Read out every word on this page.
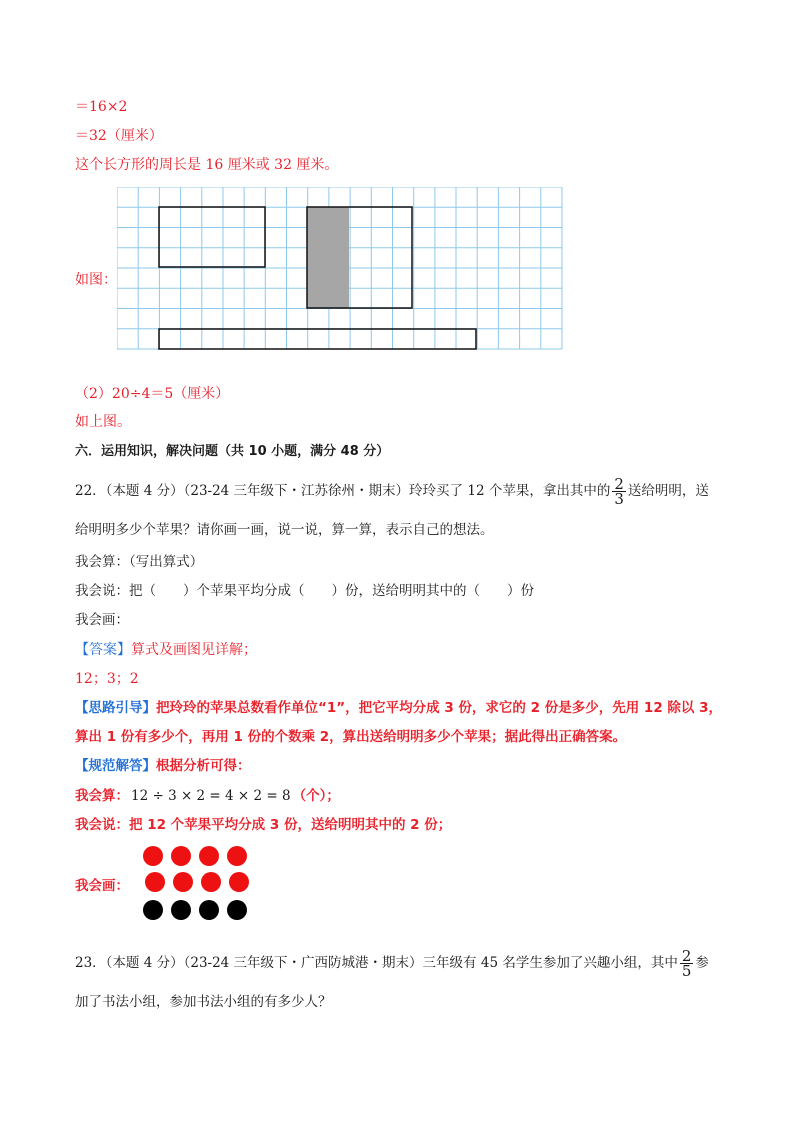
＝16×2
＝32（厘米）
这个长方形的周长是 16 厘米或 32 厘米。
如图：
（2）20÷4＝5（厘米）
如上图。
六．运用知识，解决问题（共 10 小题，满分 48 分）
22．（本题 4 分）（23-24 三年级下・江苏徐州・期末）玲玲买了 12 个苹果，拿出其中的 $\frac{2}{3}$ 送给明明，送
给明明多少个苹果？请你画一画，说一说，算一算，表示自己的想法。
我会算：（写出算式）
我会说：把（　　）个苹果平均分成（　　）份，送给明明其中的（　　）份
我会画：
【答案】算式及画图见详解；
12；3；2
【思路引导】把玲玲的苹果总数看作单位“1”，把它平均分成 3 份，求它的 2 份是多少，先用 12 除以 3，
算出 1 份有多少个，再用 1 份的个数乘 2，算出送给明明多少个苹果；据此得出正确答案。
【规范解答】根据分析可得：
我会算： 12 ÷ 3 × 2 = 4 × 2 = 8 （个）；
我会说：把 12 个苹果平均分成 3 份，送给明明其中的 2 份；
我会画：
23．（本题 4 分）（23-24 三年级下・广西防城港・期末）三年级有 45 名学生参加了兴趣小组，其中 $\frac{2}{5}$ 参
加了书法小组，参加书法小组的有多少人？
